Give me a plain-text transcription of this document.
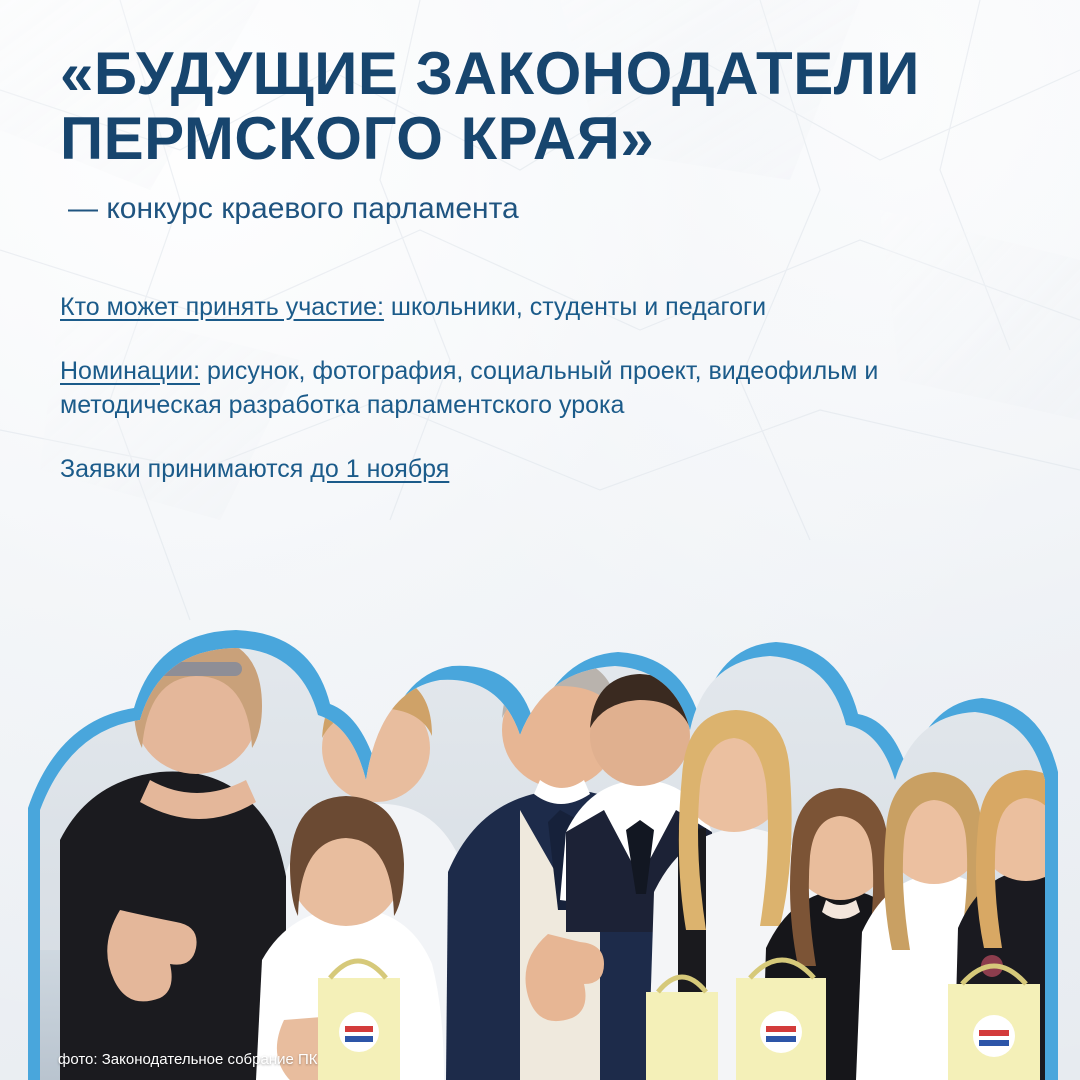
«БУДУЩИЕ ЗАКОНОДАТЕЛИ ПЕРМСКОГО КРАЯ»
— конкурс краевого парламента

Кто может принять участие: школьники, студенты и педагоги

Номинации: рисунок, фотография, социальный проект, видеофильм и методическая разработка парламентского урока

Заявки принимаются до 1 ноября

фото: Законодательное собрание ПК
